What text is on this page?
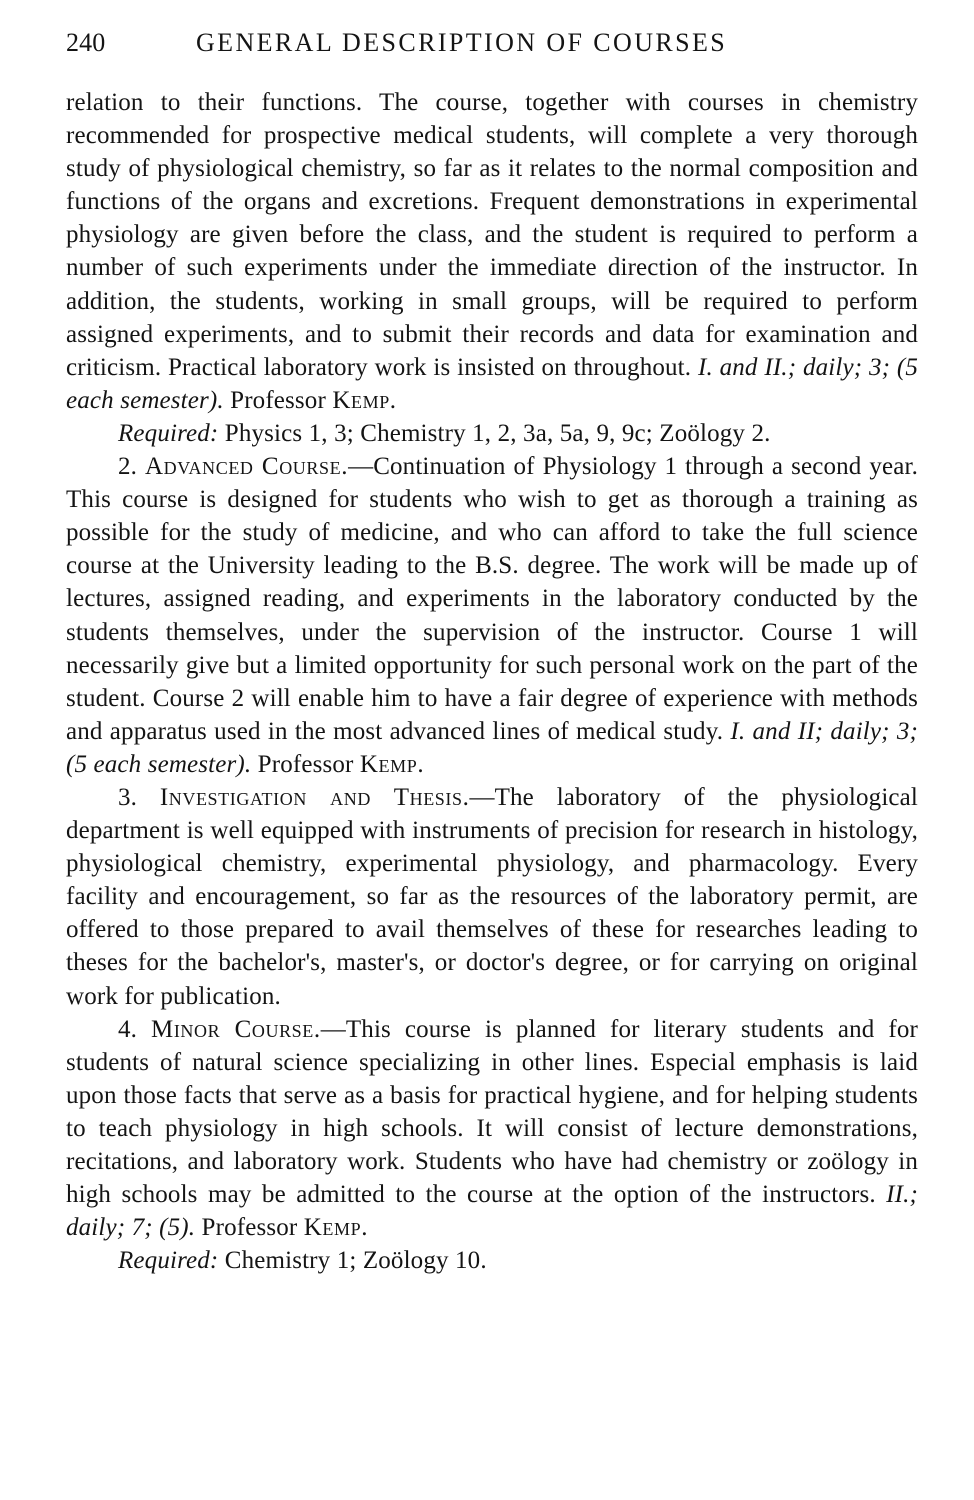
240	GENERAL DESCRIPTION OF COURSES

relation to their functions. The course, together with courses in chemistry recommended for prospective medical students, will complete a very thorough study of physiological chemistry, so far as it relates to the normal composition and functions of the organs and excretions. Frequent demonstrations in experimental physiology are given before the class, and the student is required to perform a number of such experiments under the immediate direction of the instructor. In addition, the students, working in small groups, will be required to perform assigned experiments, and to submit their records and data for examination and criticism. Practical laboratory work is insisted on throughout. I. and II.; daily; 3; (5 each semester). Professor Kemp.

Required: Physics 1, 3; Chemistry 1, 2, 3a, 5a, 9, 9c; Zoölogy 2.

2. Advanced Course.—Continuation of Physiology 1 through a second year. This course is designed for students who wish to get as thorough a training as possible for the study of medicine, and who can afford to take the full science course at the University leading to the B.S. degree. The work will be made up of lectures, assigned reading, and experiments in the laboratory conducted by the students themselves, under the supervision of the instructor. Course 1 will necessarily give but a limited opportunity for such personal work on the part of the student. Course 2 will enable him to have a fair degree of experience with methods and apparatus used in the most advanced lines of medical study. I. and II; daily; 3; (5 each semester). Professor Kemp.

3. Investigation and Thesis.—The laboratory of the physiological department is well equipped with instruments of precision for research in histology, physiological chemistry, experimental physiology, and pharmacology. Every facility and encouragement, so far as the resources of the laboratory permit, are offered to those prepared to avail themselves of these for researches leading to theses for the bachelor's, master's, or doctor's degree, or for carrying on original work for publication.

4. Minor Course.—This course is planned for literary students and for students of natural science specializing in other lines. Especial emphasis is laid upon those facts that serve as a basis for practical hygiene, and for helping students to teach physiology in high schools. It will consist of lecture demonstrations, recitations, and laboratory work. Students who have had chemistry or zoölogy in high schools may be admitted to the course at the option of the instructors. II.; daily; 7; (5). Professor Kemp.

Required: Chemistry 1; Zoölogy 10.
